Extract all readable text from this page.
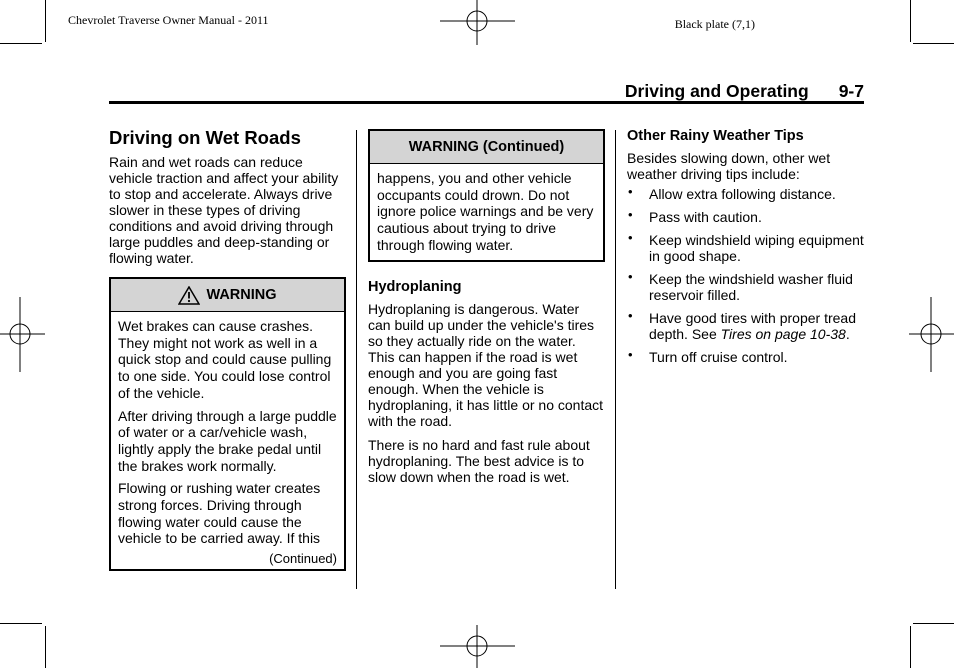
Chevrolet Traverse Owner Manual - 2011	Black plate (7,1)
Driving and Operating 9-7
Driving on Wet Roads

Rain and wet roads can reduce vehicle traction and affect your ability to stop and accelerate. Always drive slower in these types of driving conditions and avoid driving through large puddles and deep-standing or flowing water.

WARNING

Wet brakes can cause crashes. They might not work as well in a quick stop and could cause pulling to one side. You could lose control of the vehicle.

After driving through a large puddle of water or a car/vehicle wash, lightly apply the brake pedal until the brakes work normally.

Flowing or rushing water creates strong forces. Driving through flowing water could cause the vehicle to be carried away. If this

(Continued)
WARNING (Continued)

happens, you and other vehicle occupants could drown. Do not ignore police warnings and be very cautious about trying to drive through flowing water.

Hydroplaning

Hydroplaning is dangerous. Water can build up under the vehicle's tires so they actually ride on the water. This can happen if the road is wet enough and you are going fast enough. When the vehicle is hydroplaning, it has little or no contact with the road.

There is no hard and fast rule about hydroplaning. The best advice is to slow down when the road is wet.

Other Rainy Weather Tips

Besides slowing down, other wet weather driving tips include:

• Allow extra following distance.
• Pass with caution.
• Keep windshield wiping equipment in good shape.
• Keep the windshield washer fluid reservoir filled.
• Have good tires with proper tread depth. See Tires on page 10-38.
• Turn off cruise control.
